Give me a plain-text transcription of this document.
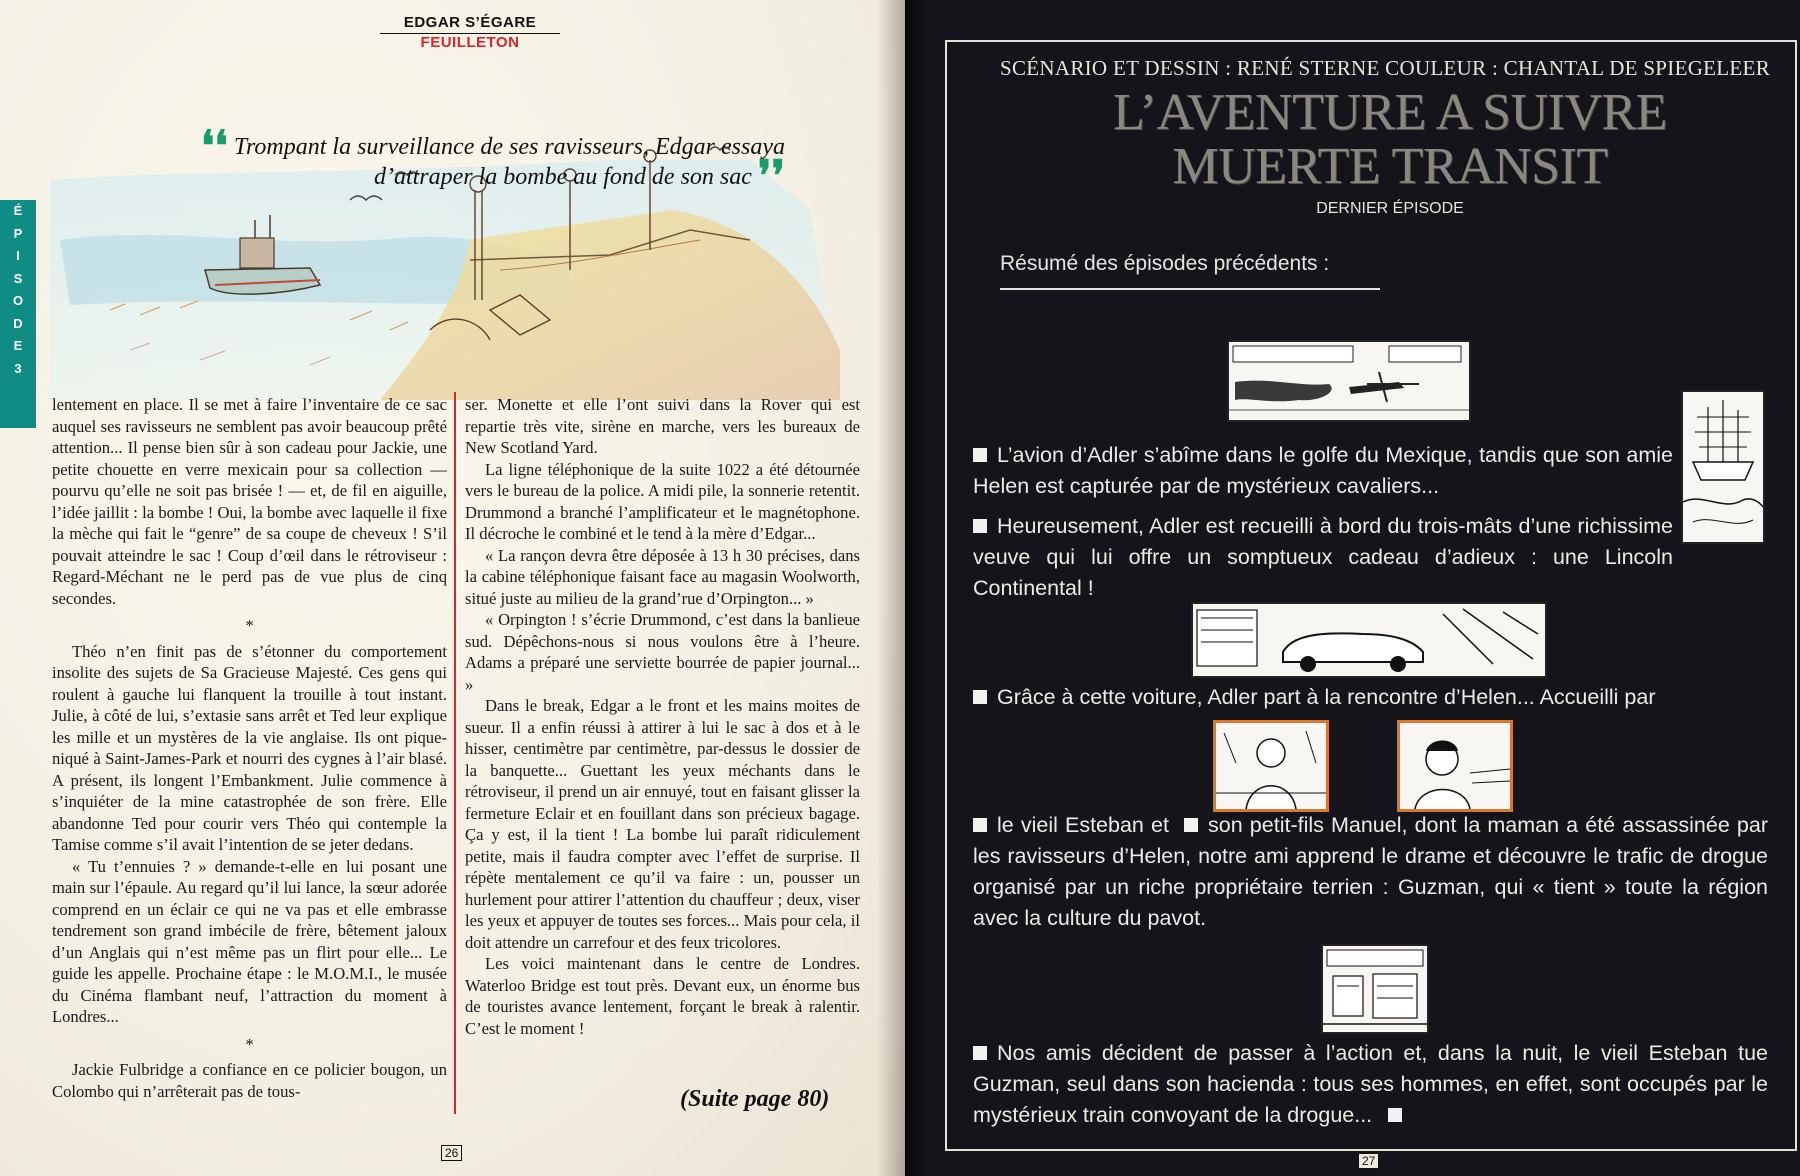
EDGAR S’ÉGARE
FEUILLETON
❛❛ Trompant la surveillance de ses ravisseurs, Edgar essaya d’attraper la bombe au fond de son sac ❜❜
É
P
I
S
O
D
E
3

lentement en place. Il se met à faire l’inventaire de ce sac auquel ses ravisseurs ne semblent pas avoir beaucoup prêté attention... Il pense bien sûr à son cadeau pour Jackie, une petite chouette en verre mexicain pour sa collection — pourvu qu’elle ne soit pas brisée ! — et, de fil en aiguille, l’idée jaillit : la bombe ! Oui, la bombe avec laquelle il fixe la mèche qui fait le “genre” de sa coupe de cheveux ! S’il pouvait atteindre le sac ! Coup d’œil dans le rétroviseur : Regard-Méchant ne le perd pas de vue plus de cinq secondes.

*

Théo n’en finit pas de s’étonner du comportement insolite des sujets de Sa Gracieuse Majesté. Ces gens qui roulent à gauche lui flanquent la trouille à tout instant. Julie, à côté de lui, s’extasie sans arrêt et Ted leur explique les mille et un mystères de la vie anglaise. Ils ont pique-niqué à Saint-James-Park et nourri des cygnes à l’air blasé. A présent, ils longent l’Embankment. Julie commence à s’inquiéter de la mine catastrophée de son frère. Elle abandonne Ted pour courir vers Théo qui contemple la Tamise comme s’il avait l’intention de se jeter dedans.

« Tu t’ennuies ? » demande-t-elle en lui posant une main sur l’épaule. Au regard qu’il lui lance, la sœur adorée comprend en un éclair ce qui ne va pas et elle embrasse tendrement son grand imbécile de frère, bêtement jaloux d’un Anglais qui n’est même pas un flirt pour elle... Le guide les appelle. Prochaine étape : le M.O.M.I., le musée du Cinéma flambant neuf, l’attraction du moment à Londres...

*

Jackie Fulbridge a confiance en ce policier bougon, un Colombo qui n’arrêterait pas de tous-

ser. Monette et elle l’ont suivi dans la Rover qui est repartie très vite, sirène en marche, vers les bureaux de New Scotland Yard.

La ligne téléphonique de la suite 1022 a été détournée vers le bureau de la police. A midi pile, la sonnerie retentit. Drummond a branché l’amplificateur et le magnétophone. Il décroche le combiné et le tend à la mère d’Edgar...

« La rançon devra être déposée à 13 h 30 précises, dans la cabine téléphonique faisant face au magasin Woolworth, situé juste au milieu de la grand’rue d’Orpington... »

« Orpington ! s’écrie Drummond, c’est dans la banlieue sud. Dépêchons-nous si nous voulons être à l’heure. Adams a préparé une serviette bourrée de papier journal... »

Dans le break, Edgar a le front et les mains moites de sueur. Il a enfin réussi à attirer à lui le sac à dos et à le hisser, centimètre par centimètre, par-dessus le dossier de la banquette... Guettant les yeux méchants dans le rétroviseur, il prend un air ennuyé, tout en faisant glisser la fermeture Eclair et en fouillant dans son précieux bagage. Ça y est, il la tient ! La bombe lui paraît ridiculement petite, mais il faudra compter avec l’effet de surprise. Il répète mentalement ce qu’il va faire : un, pousser un hurlement pour attirer l’attention du chauffeur ; deux, viser les yeux et appuyer de toutes ses forces... Mais pour cela, il doit attendre un carrefour et des feux tricolores.

Les voici maintenant dans le centre de Londres. Waterloo Bridge est tout près. Devant eux, un énorme bus de touristes avance lentement, forçant le break à ralentir. C’est le moment !

(Suite page 80)
26
SCÉNARIO ET DESSIN : RENÉ STERNE COULEUR : CHANTAL DE SPIEGELEER
L’AVENTURE A SUIVRE
MUERTE TRANSIT
DERNIER ÉPISODE
Résumé des épisodes précédents :
L’avion d’Adler s’abîme dans le golfe du Mexique, tandis que son amie Helen est capturée par de mystérieux cavaliers...
Heureusement, Adler est recueilli à bord du trois-mâts d’une richissime veuve qui lui offre un somptueux cadeau d’adieux : une Lincoln Continental !
Grâce à cette voiture, Adler part à la rencontre d’Helen... Accueilli par
le vieil Esteban et son petit-fils Manuel, dont la maman a été assassinée par les ravisseurs d’Helen, notre ami apprend le drame et découvre le trafic de drogue organisé par un riche propriétaire terrien : Guzman, qui « tient » toute la région avec la culture du pavot.
Nos amis décident de passer à l’action et, dans la nuit, le vieil Esteban tue Guzman, seul dans son hacienda : tous ses hommes, en effet, sont occupés par le mystérieux train convoyant de la drogue...
27
